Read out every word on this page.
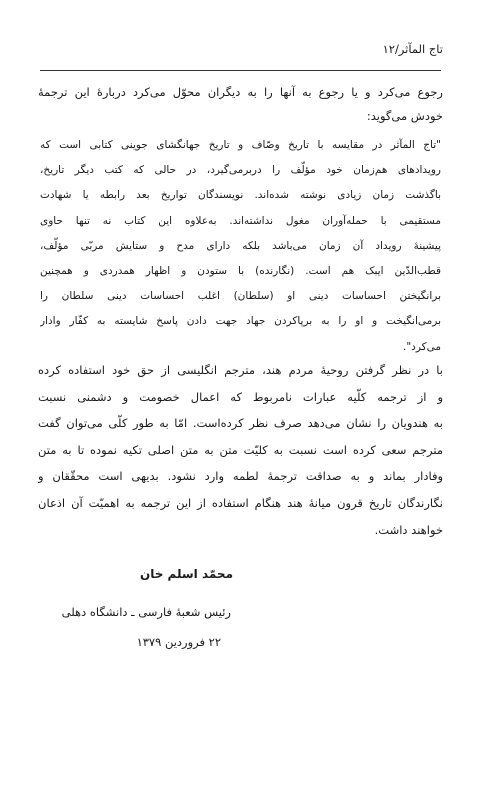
تاج المآثر/۱۲
رجوع می‌کرد و یا رجوع به آنها را به دیگران محوّل می‌کرد دربارهٔ این ترجمهٔ
خودش می‌گوید:
"تاج المآثر در مقایسه با تاریخ وصّاف و تاریخ جهانگشای جوینی کتابی است که
رویدادهای هم‌زمان خود مؤلّف را دربرمی‌گیرد، در حالی که کتب دیگر تاریخ،
باگذشت زمان زیادی نوشته شده‌اند. نویسندگان تواریخ بعد رابطه یا شهادت
مستقیمی با حمله‌آوران مغول نداشته‌اند. به‌علاوه این کتاب نه تنها حاوی
پیشینهٔ رویداد آن زمان می‌باشد بلکه دارای مدح و ستایش مربّی مؤلّف،
قطب‌الدّین ایبک هم است. (نگارنده) با ستودن و اظهار همدردی و همچنین
برانگیختن احساسات دینی او (سلطان) اغلب احساسات دینی سلطان را
برمی‌انگیخت و او را به برپاکردن جهاد جهت دادن پاسخ شایسته به کفّار وادار
می‌کرد".
با در نظر گرفتن روحیهٔ مردم هند، مترجم انگلیسی از حق خود استفاده کرده
و از ترجمه کلّیه عبارات نامربوط که اعمال خصومت و دشمنی نسبت
به هندویان را نشان می‌دهد صرف نظر کرده‌است. امّا به طور کلّی می‌توان گفت
مترجم سعی کرده است نسبت به کلیّت متن به متن اصلی تکیه نموده تا به متن
وفادار بماند و به صداقت ترجمهٔ لطمه وارد نشود. بدیهی است محقّقان و
نگارندگان تاریخ قرون میانهٔ هند هنگام استفاده از این ترجمه به اهمیّت آن اذعان
خواهند داشت.
محمّد اسلم خان
رئیس شعبهٔ فارسی ـ دانشگاه دهلی
۲۲ فروردین ۱۳۷۹
